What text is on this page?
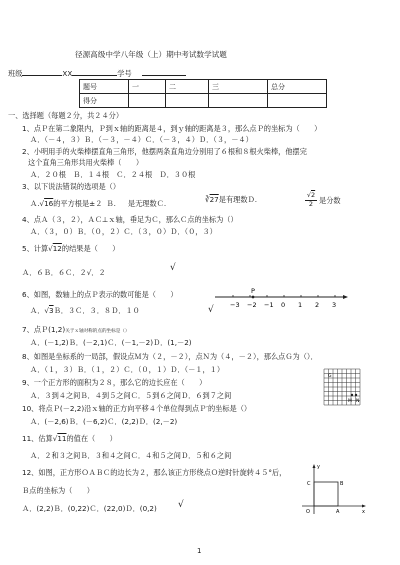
径源高级中学八年级（上）期中考试数学试题
班级	XX	学号
题号	一	二	三	总分
得分				
一、选择题（每题２分，共２４分）
1、点Ｐ在第二象限内，Ｐ到ｘ轴的距离是４，到ｙ轴的距离是３，那么点Ｐ的坐标为（　　）
Ａ．（－４，３）Ｂ．（－３，－４）Ｃ．（－３，４）Ｄ．（３，－４）
2、小明用手的火柴棒摆直角三角形，他摆两条直角边分别用了６根和８根火柴棒，他摆完
这个直角三角形共用火柴棒（　　）
Ａ．２０根　Ｂ．１４根　Ｃ．２４根　Ｄ．３０根
3、以下说法错误的选项是（）
Ａ.√16的平方根是±２ Ｂ. 是无理数Ｃ.	∛27是有理数Ｄ.	√2
2 是分数
4、点Ａ（３，２），ＡＣ⊥ｘ轴，垂足为Ｃ，那么Ｃ点的坐标为（）
Ａ．（３，０）Ｂ．（０，２）Ｃ．（３，０）Ｄ．（０，３）
5、计算√12的结果是（　　）
Ａ．６Ｂ．６Ｃ．２√．２	√
6、如图，数轴上的点Ｐ表示的数可能是（　　）
Ａ．√3Ｂ．３Ｃ．３．８Ｄ．１０	√	−3 −2 −1 0 1 2 3
P
7、点Ｐ(1,2)关于ｘ轴对称的点的坐标是（）
Ａ．(－1,2)Ｂ．(－2,1)Ｃ．(－1,－2)Ｄ．(1,－2)
8、如图是坐标系的一局部，假设点Ｍ为（２，－２），点Ｎ为（４，－２），那么点Ｇ为（）．
Ａ．（１，３）Ｂ．（１，２）Ｃ．（０，１）Ｄ．（－１，１）
M N
G
9、一个正方形的面积为２８，那么它的边长应在（　　）
Ａ．３到４之间Ｂ．４到５之间Ｃ．５到６之间Ｄ．６到７之间
10、将点Ｐ(－2,2)沿ｘ轴的正方向平移４个单位得到点Ｐ′的坐标是（）
Ａ．(－2,6)Ｂ．(－6,2)Ｃ．(2,2)Ｄ．(2,－2)
11、估算√11的值在（　　）
Ａ．２和３之间Ｂ．３和４之间Ｃ．４和５之间Ｄ．５和６之间
12、如图，正方形ＯＡＢＣ的边长为２，那么该正方形绕点Ｏ逆时针旋转４５°后，
Ｂ点的坐标为（　　）
Ａ．(2,2)Ｂ．(0,22)Ｃ．(22,0)Ｄ．(0,2) √
y
C	B
O	A	x
1
